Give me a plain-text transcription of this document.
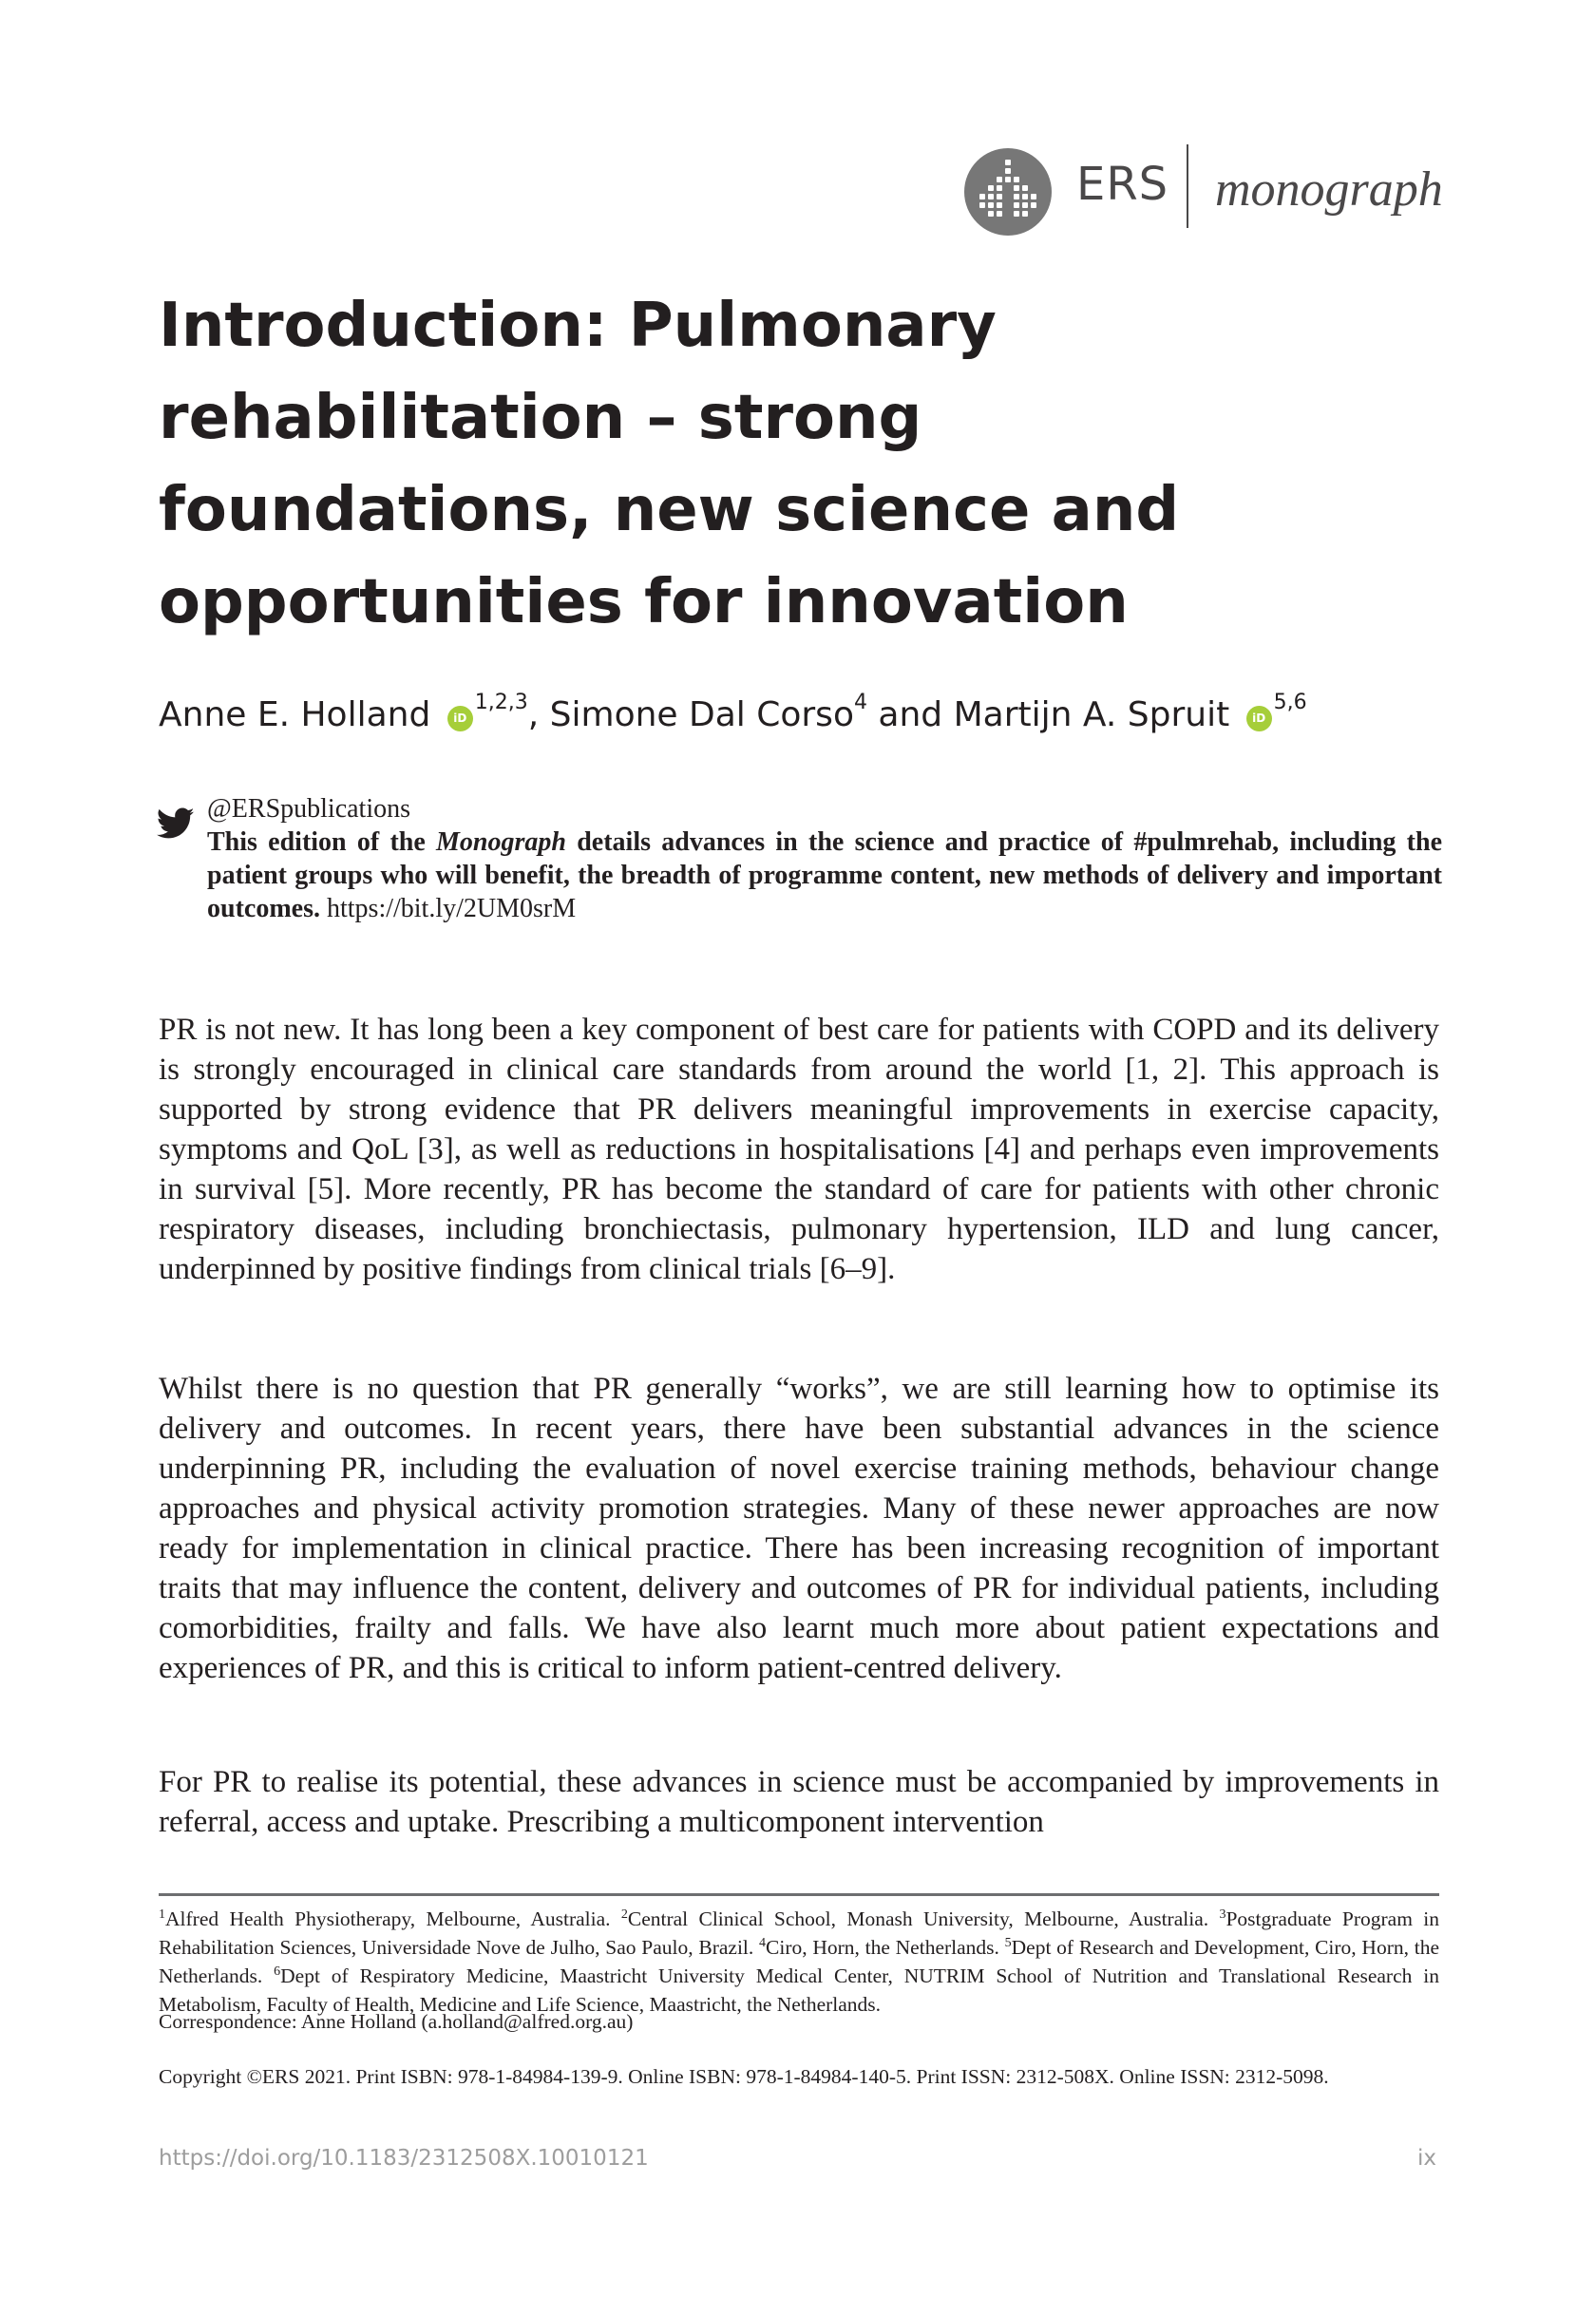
ERS monograph
Introduction: Pulmonary
rehabilitation – strong
foundations, new science and
opportunities for innovation
Anne E. Holland iD$^{1,2,3}$, Simone Dal Corso$^4$ and Martijn A. Spruit iD$^{5,6}$
@ERSpublications
This edition of the Monograph details advances in the science and practice of #pulmrehab, including the patient groups who will benefit, the breadth of programme content, new methods of delivery and important outcomes. https://bit.ly/2UM0srM

PR is not new. It has long been a key component of best care for patients with COPD and its delivery is strongly encouraged in clinical care standards from around the world [1, 2]. This approach is supported by strong evidence that PR delivers meaningful improvements in exercise capacity, symptoms and QoL [3], as well as reductions in hospitalisations [4] and perhaps even improvements in survival [5]. More recently, PR has become the standard of care for patients with other chronic respiratory diseases, including bronchiectasis, pulmonary hypertension, ILD and lung cancer, underpinned by positive findings from clinical trials [6–9].

Whilst there is no question that PR generally “works”, we are still learning how to optimise its delivery and outcomes. In recent years, there have been substantial advances in the science underpinning PR, including the evaluation of novel exercise training methods, behaviour change approaches and physical activity promotion strategies. Many of these newer approaches are now ready for implementation in clinical practice. There has been increasing recognition of important traits that may influence the content, delivery and outcomes of PR for individual patients, including comorbidities, frailty and falls. We have also learnt much more about patient expectations and experiences of PR, and this is critical to inform patient-centred delivery.

For PR to realise its potential, these advances in science must be accompanied by improvements in referral, access and uptake. Prescribing a multicomponent intervention

$^1$Alfred Health Physiotherapy, Melbourne, Australia. $^2$Central Clinical School, Monash University, Melbourne, Australia. $^3$Postgraduate Program in Rehabilitation Sciences, Universidade Nove de Julho, Sao Paulo, Brazil. $^4$Ciro, Horn, the Netherlands. $^5$Dept of Research and Development, Ciro, Horn, the Netherlands. $^6$Dept of Respiratory Medicine, Maastricht University Medical Center, NUTRIM School of Nutrition and Translational Research in Metabolism, Faculty of Health, Medicine and Life Science, Maastricht, the Netherlands.

Correspondence: Anne Holland (a.holland@alfred.org.au)

Copyright ©ERS 2021. Print ISBN: 978-1-84984-139-9. Online ISBN: 978-1-84984-140-5. Print ISSN: 2312-508X. Online ISSN: 2312-5098.

https://doi.org/10.1183/2312508X.10010121	ix
